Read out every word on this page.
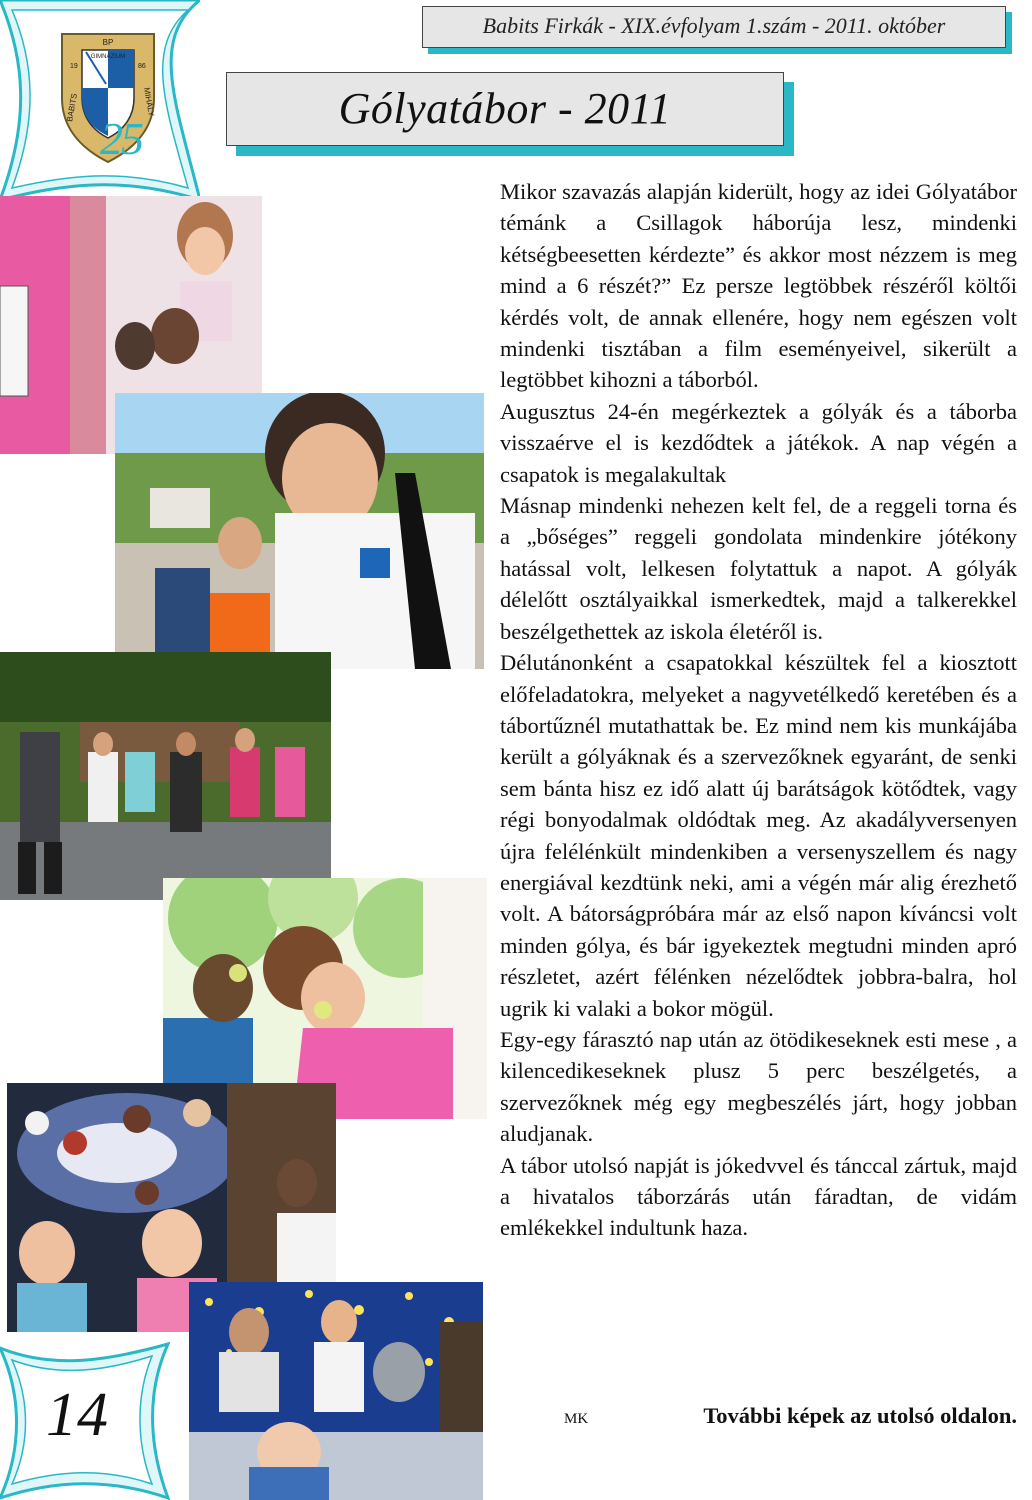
BP
GIMNÁZIUM
19	86
BABITS	MIHÁLY
25
Babits Firkák - XIX.évfolyam 1.szám - 2011. október
Gólyatábor - 2011

Mikor szavazás alapján kiderült, hogy az idei Gólyatábor témánk a Csillagok háborúja lesz, mindenki kétségbeesetten kérdezte” és akkor most nézzem is meg mind a 6 részét?” Ez persze legtöbbek részéről költői kérdés volt, de annak ellenére, hogy nem egészen volt mindenki tisztában a film eseményeivel, sikerült a legtöbbet kihozni a táborból.

Augusztus 24-én megérkeztek a gólyák és a táborba visszaérve el is kezdődtek a játékok. A nap végén a csapatok is megalakultak

Másnap mindenki nehezen kelt fel, de a reggeli torna és a „bőséges” reggeli gondolata mindenkire jótékony hatással volt, lelkesen folytattuk a napot. A gólyák délelőtt osztályaikkal ismerkedtek, majd a talkerekkel beszélgethettek az iskola életéről is.

Délutánonként a csapatokkal készültek fel a kiosztott előfeladatokra, melyeket a nagyvetélkedő keretében és a tábortűznél mutathattak be. Ez mind nem kis munkájába került a gólyáknak és a szervezőknek egyaránt, de senki sem bánta hisz ez idő alatt új barátságok kötődtek, vagy régi bonyodalmak oldódtak meg. Az akadályversenyen újra felélénkült mindenkiben a versenyszellem és nagy energiával kezdtünk neki, ami a végén már alig érezhető volt. A bátorságpróbára már az első napon kíváncsi volt minden gólya, és bár igyekeztek megtudni minden apró részletet, azért félénken nézelődtek jobbra-balra, hol ugrik ki valaki a bokor mögül.

Egy-egy fárasztó nap után az ötödikeseknek esti mese , a kilencedikeseknek plusz 5 perc beszélgetés, a szervezőknek még egy megbeszélés járt, hogy jobban aludjanak.

A tábor utolsó napját is jókedvvel és tánccal zártuk, majd a hivatalos táborzárás után fáradtan, de vidám emlékekkel indultunk haza.

MK	További képek az utolsó oldalon.
14
